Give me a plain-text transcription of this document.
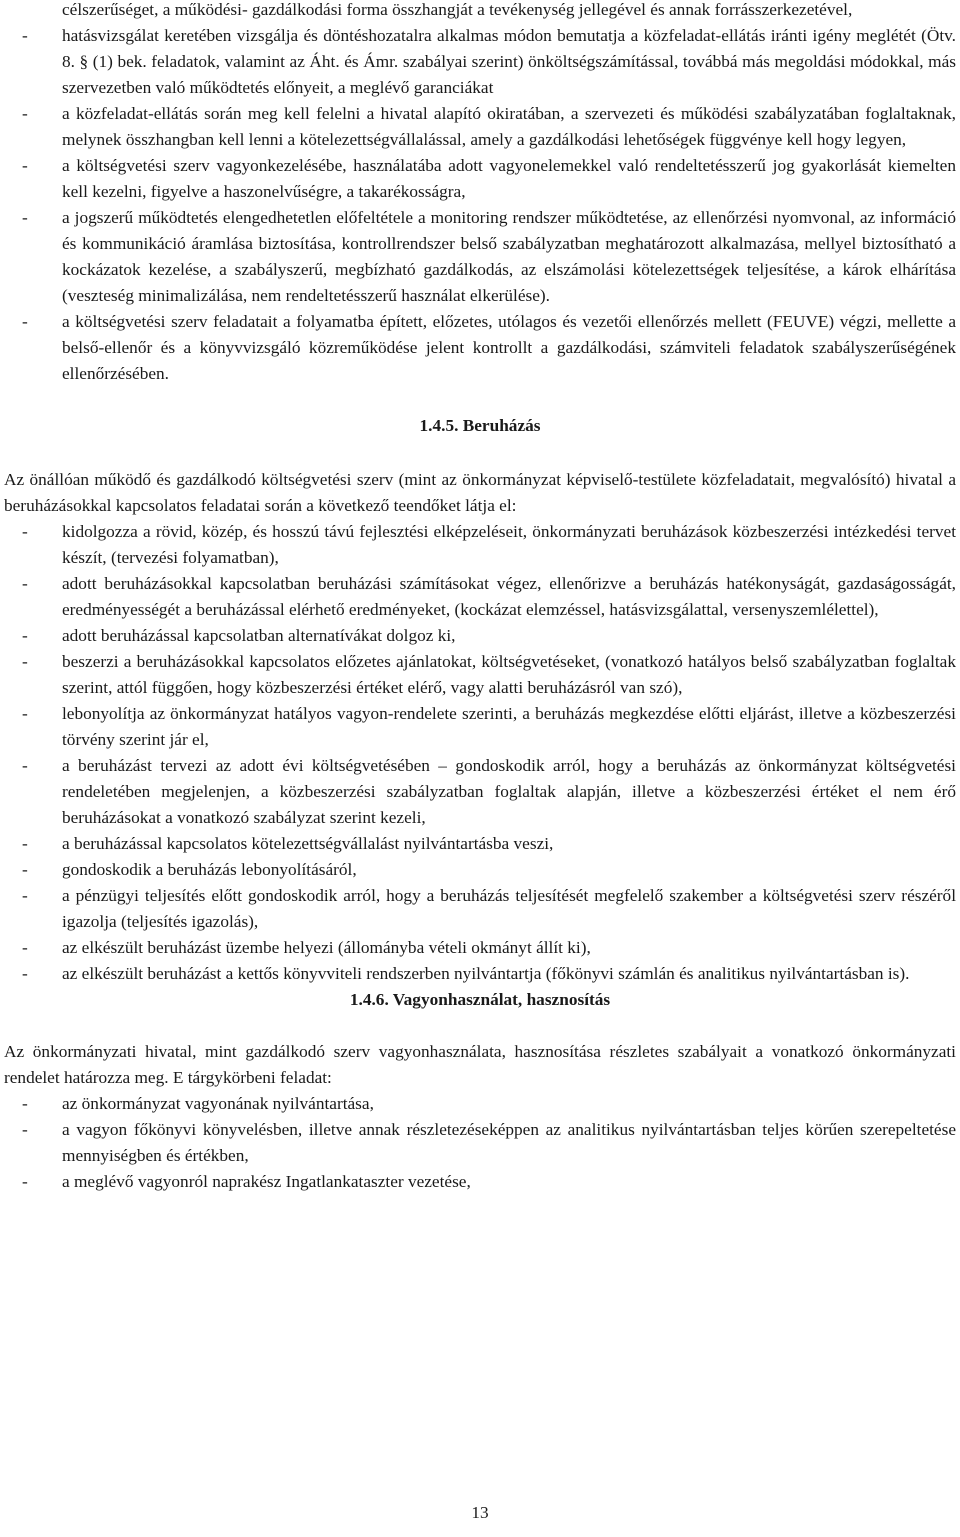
célszerűséget, a működési- gazdálkodási forma összhangját a tevékenység jellegével és annak forrásszerkezetével,
- hatásvizsgálat keretében vizsgálja és döntéshozatalra alkalmas módon bemutatja a közfeladat-ellátás iránti igény meglétét (Ötv. 8. § (1) bek. feladatok, valamint az Áht. és Ámr. szabályai szerint) önköltségszámítással, továbbá más megoldási módokkal, más szervezetben való működtetés előnyeit, a meglévő garanciákat
- a közfeladat-ellátás során meg kell felelni a hivatal alapító okiratában, a szervezeti és működési szabályzatában foglaltaknak, melynek összhangban kell lenni a kötelezettségvállalással, amely a gazdálkodási lehetőségek függvénye kell hogy legyen,
- a költségvetési szerv vagyonkezelésébe, használatába adott vagyonelemekkel való rendeltetésszerű jog gyakorlását kiemelten kell kezelni, figyelve a haszonelvűségre, a takarékosságra,
- a jogszerű működtetés elengedhetetlen előfeltétele a monitoring rendszer működtetése, az ellenőrzési nyomvonal, az információ és kommunikáció áramlása biztosítása, kontrollrendszer belső szabályzatban meghatározott alkalmazása, mellyel biztosítható a kockázatok kezelése, a szabályszerű, megbízható gazdálkodás, az elszámolási kötelezettségek teljesítése, a károk elhárítása (veszteség minimalizálása, nem rendeltetésszerű használat elkerülése).
- a költségvetési szerv feladatait a folyamatba épített, előzetes, utólagos és vezetői ellenőrzés mellett (FEUVE) végzi, mellette a belső-ellenőr és a könyvvizsgáló közreműködése jelent kontrollt a gazdálkodási, számviteli feladatok szabályszerűségének ellenőrzésében.
1.4.5. Beruházás
Az önállóan működő és gazdálkodó költségvetési szerv (mint az önkormányzat képviselő-testülete közfeladatait, megvalósító) hivatal a beruházásokkal kapcsolatos feladatai során a következő teendőket látja el:
- kidolgozza a rövid, közép, és hosszú távú fejlesztési elképzeléseit, önkormányzati beruházások közbeszerzési intézkedési tervet készít, (tervezési folyamatban),
- adott beruházásokkal kapcsolatban beruházási számításokat végez, ellenőrizve a beruházás hatékonyságát, gazdaságosságát, eredményességét a beruházással elérhető eredményeket, (kockázat elemzéssel, hatásvizsgálattal, versenyszemlélettel),
- adott beruházással kapcsolatban alternatívákat dolgoz ki,
- beszerzi a beruházásokkal kapcsolatos előzetes ajánlatokat, költségvetéseket, (vonatkozó hatályos belső szabályzatban foglaltak szerint, attól függően, hogy közbeszerzési értéket elérő, vagy alatti beruházásról van szó),
- lebonyolítja az önkormányzat hatályos vagyon-rendelete szerinti, a beruházás megkezdése előtti eljárást, illetve a közbeszerzési törvény szerint jár el,
- a beruházást tervezi az adott évi költségvetésében – gondoskodik arról, hogy a beruházás az önkormányzat költségvetési rendeletében megjelenjen, a közbeszerzési szabályzatban foglaltak alapján, illetve a közbeszerzési értéket el nem érő beruházásokat a vonatkozó szabályzat szerint kezeli,
- a beruházással kapcsolatos kötelezettségvállalást nyilvántartásba veszi,
- gondoskodik a beruházás lebonyolításáról,
- a pénzügyi teljesítés előtt gondoskodik arról, hogy a beruházás teljesítését megfelelő szakember a költségvetési szerv részéről igazolja (teljesítés igazolás),
- az elkészült beruházást üzembe helyezi (állományba vételi okmányt állít ki),
- az elkészült beruházást a kettős könyvviteli rendszerben nyilvántartja (főkönyvi számlán és analitikus nyilvántartásban is).
1.4.6. Vagyonhasználat, hasznosítás
Az önkormányzati hivatal, mint gazdálkodó szerv vagyonhasználata, hasznosítása részletes szabályait a vonatkozó önkormányzati rendelet határozza meg. E tárgykörbeni feladat:
- az önkormányzat vagyonának nyilvántartása,
- a vagyon főkönyvi könyvelésben, illetve annak részletezéseképpen az analitikus nyilvántartásban teljes körűen szerepeltetése mennyiségben és értékben,
- a meglévő vagyonról naprakész Ingatlankataszter vezetése,
13
